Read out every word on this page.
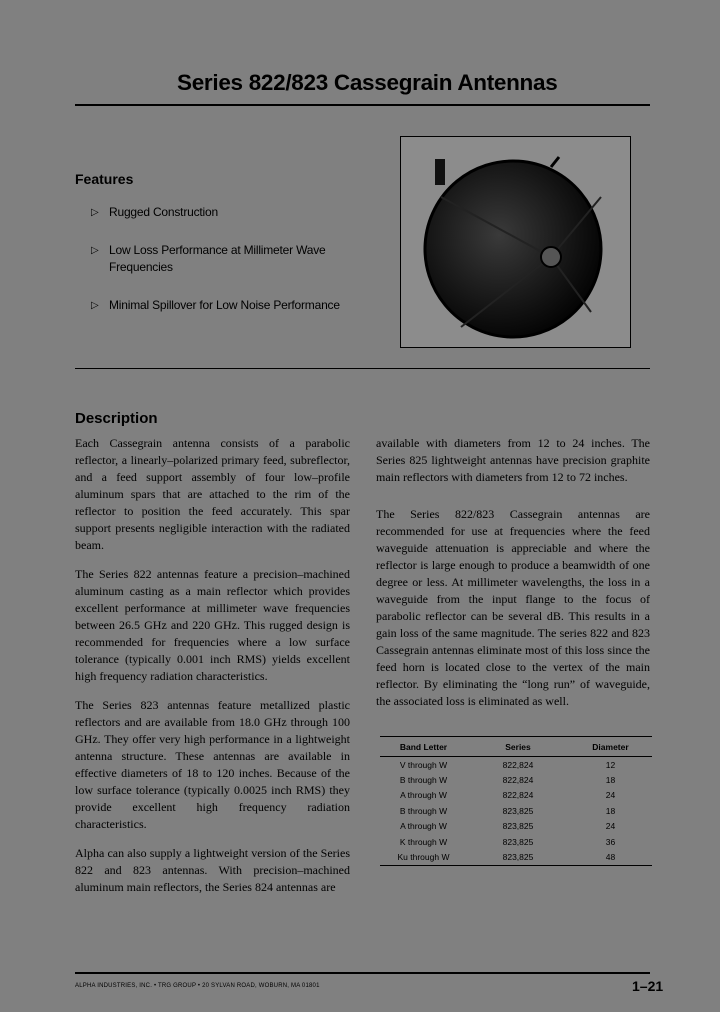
Series 822/823 Cassegrain Antennas
Features
▷ Rugged Construction
▷ Low Loss Performance at Millimeter Wave Frequencies
▷ Minimal Spillover for Low Noise Performance
Description

Each Cassegrain antenna consists of a parabolic reflector, a linearly–polarized primary feed, subreflector, and a feed support assembly of four low–profile aluminum spars that are attached to the rim of the reflector to position the feed accurately. This spar support presents negligible interaction with the radiated beam.

The Series 822 antennas feature a precision–machined aluminum casting as a main reflector which provides excellent performance at millimeter wave frequencies between 26.5 GHz and 220 GHz. This rugged design is recommended for frequencies where a low surface tolerance (typically 0.001 inch RMS) yields excellent high frequency radiation characteristics.

The Series 823 antennas feature metallized plastic reflectors and are available from 18.0 GHz through 100 GHz. They offer very high performance in a lightweight antenna structure. These antennas are available in effective diameters of 18 to 120 inches. Because of the low surface tolerance (typically 0.0025 inch RMS) they provide excellent high frequency radiation characteristics.

Alpha can also supply a lightweight version of the Series 822 and 823 antennas. With precision–machined aluminum main reflectors, the Series 824 antennas are

available with diameters from 12 to 24 inches. The Series 825 lightweight antennas have precision graphite main reflectors with diameters from 12 to 72 inches.

The Series 822/823 Cassegrain antennas are recommended for use at frequencies where the feed waveguide attenuation is appreciable and where the reflector is large enough to produce a beamwidth of one degree or less. At millimeter wavelengths, the loss in a waveguide from the input flange to the focus of parabolic reflector can be several dB. This results in a gain loss of the same magnitude. The series 822 and 823 Cassegrain antennas eliminate most of this loss since the feed horn is located close to the vertex of the main reflector. By eliminating the “long run” of waveguide, the associated loss is eliminated as well.

Band Letter	Series	Diameter
V through W	822,824	12
B through W	822,824	18
A through W	822,824	24
B through W	823,825	18
A through W	823,825	24
K through W	823,825	36
Ku through W	823,825	48
ALPHA INDUSTRIES, INC. • TRG GROUP • 20 SYLVAN ROAD, WOBURN, MA 01801	1–21
